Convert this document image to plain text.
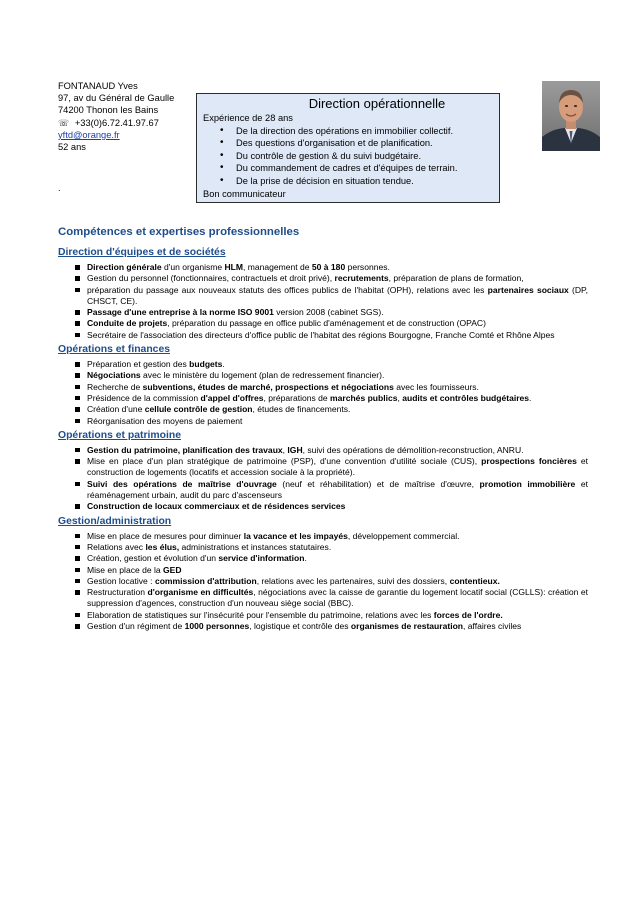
FONTANAUD Yves
97, av du Général de Gaulle
74200 Thonon les Bains
☏ +33(0)6.72.41.97.67
yftd@orange.fr
52 ans
.
Direction opérationnelle
Expérience de 28 ans
• De la direction des opérations en immobilier collectif.
• Des questions d'organisation et de planification.
• Du contrôle de gestion & du suivi budgétaire.
• Du commandement de cadres et d'équipes de terrain.
• De la prise de décision en situation tendue.
Bon communicateur
Compétences et expertises professionnelles
Direction d'équipes et de sociétés
Direction générale d'un organisme HLM, management de 50 à 180 personnes.
Gestion du personnel (fonctionnaires, contractuels et droit privé), recrutements, préparation de plans de formation,
préparation du passage aux nouveaux statuts des offices publics de l'habitat (OPH), relations avec les partenaires sociaux (DP, CHSCT, CE).
Passage d'une entreprise à la norme ISO 9001 version 2008 (cabinet SGS).
Conduite de projets, préparation du passage en office public d'aménagement et de construction (OPAC)
Secrétaire de l'association des directeurs d'office public de l'habitat des régions Bourgogne, Franche Comté et Rhône Alpes
Opérations et finances
Préparation et gestion des budgets.
Négociations avec le ministère du logement (plan de redressement financier).
Recherche de subventions, études de marché, prospections et négociations avec les fournisseurs.
Présidence de la commission d'appel d'offres, préparations de marchés publics, audits et contrôles budgétaires.
Création d'une cellule contrôle de gestion, études de financements.
Réorganisation des moyens de paiement
Opérations et patrimoine
Gestion du patrimoine, planification des travaux, IGH, suivi des opérations de démolition-reconstruction, ANRU.
Mise en place d'un plan stratégique de patrimoine (PSP), d'une convention d'utilité sociale (CUS), prospections foncières et construction de logements (locatifs et accession sociale à la propriété).
Suivi des opérations de maîtrise d'ouvrage (neuf et réhabilitation) et de maîtrise d'œuvre, promotion immobilière et réaménagement urbain, audit du parc d'ascenseurs
Construction de locaux commerciaux et de résidences services
Gestion/administration
Mise en place de mesures pour diminuer la vacance et les impayés, développement commercial.
Relations avec les élus, administrations et instances statutaires.
Création, gestion et évolution d'un service d'information.
Mise en place de la GED
Gestion locative : commission d'attribution, relations avec les partenaires, suivi des dossiers, contentieux.
Restructuration d'organisme en difficultés, négociations avec la caisse de garantie du logement locatif social (CGLLS): création et suppression d'agences, construction d'un nouveau siège social (BBC).
Elaboration de statistiques sur l'insécurité pour l'ensemble du patrimoine, relations avec les forces de l'ordre.
Gestion d'un régiment de 1000 personnes, logistique et contrôle des organismes de restauration, affaires civiles
